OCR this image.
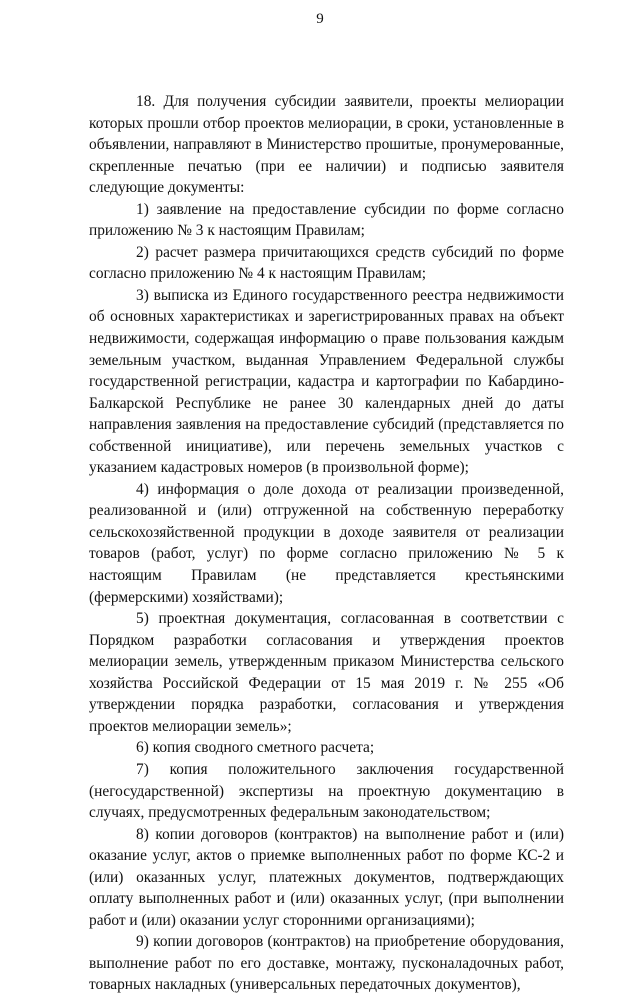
9

18. Для получения субсидии заявители, проекты мелиорации которых прошли отбор проектов мелиорации, в сроки, установленные в объявлении, направляют в Министерство прошитые, пронумерованные, скрепленные печатью (при ее наличии) и подписью заявителя следующие документы:

1) заявление на предоставление субсидии по форме согласно приложению № 3 к настоящим Правилам;

2) расчет размера причитающихся средств субсидий по форме согласно приложению № 4 к настоящим Правилам;

3) выписка из Единого государственного реестра недвижимости об основных характеристиках и зарегистрированных правах на объект недвижимости, содержащая информацию о праве пользования каждым земельным участком, выданная Управлением Федеральной службы государственной регистрации, кадастра и картографии по Кабардино-Балкарской Республике не ранее 30 календарных дней до даты направления заявления на предоставление субсидий (представляется по собственной инициативе), или перечень земельных участков с указанием кадастровых номеров (в произвольной форме);

4) информация о доле дохода от реализации произведенной, реализованной и (или) отгруженной на собственную переработку сельскохозяйственной продукции в доходе заявителя от реализации товаров (работ, услуг) по форме согласно приложению № 5 к настоящим Правилам (не представляется крестьянскими (фермерскими) хозяйствами);

5) проектная документация, согласованная в соответствии с Порядком разработки согласования и утверждения проектов мелиорации земель, утвержденным приказом Министерства сельского хозяйства Российской Федерации от 15 мая 2019 г. № 255 «Об утверждении порядка разработки, согласования и утверждения проектов мелиорации земель»;

6) копия сводного сметного расчета;

7) копия положительного заключения государственной (негосударственной) экспертизы на проектную документацию в случаях, предусмотренных федеральным законодательством;

8) копии договоров (контрактов) на выполнение работ и (или) оказание услуг, актов о приемке выполненных работ по форме КС-2 и (или) оказанных услуг, платежных документов, подтверждающих оплату выполненных работ и (или) оказанных услуг, (при выполнении работ и (или) оказании услуг сторонними организациями);

9) копии договоров (контрактов) на приобретение оборудования, выполнение работ по его доставке, монтажу, пусконаладочных работ, товарных накладных (универсальных передаточных документов),
